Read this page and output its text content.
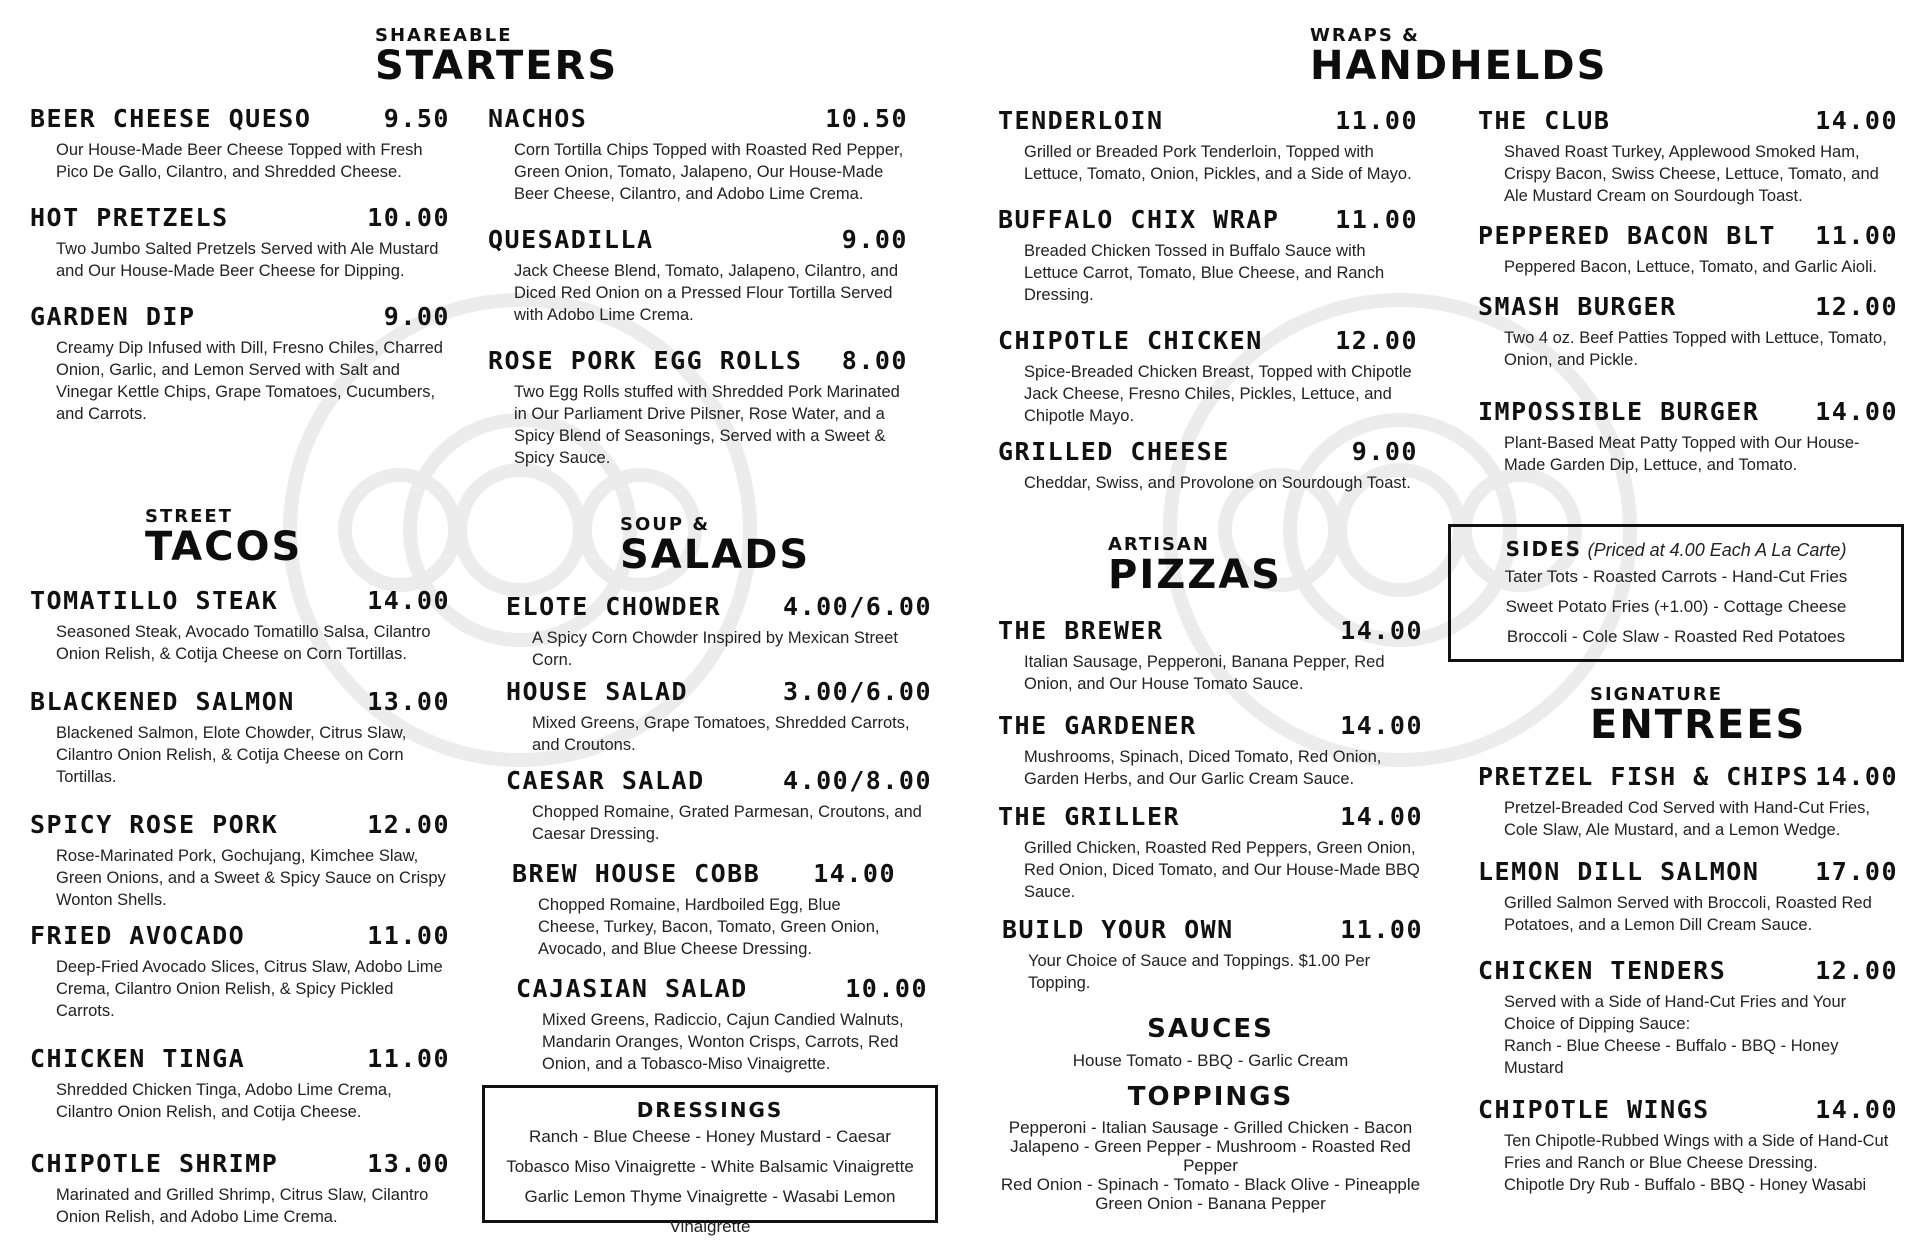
SHAREABLE
STARTERS
BEER CHEESE QUESO	9.50
Our House-Made Beer Cheese Topped with Fresh Pico De Gallo, Cilantro, and Shredded Cheese.
HOT PRETZELS	10.00
Two Jumbo Salted Pretzels Served with Ale Mustard and Our House-Made Beer Cheese for Dipping.
GARDEN DIP	9.00
Creamy Dip Infused with Dill, Fresno Chiles, Charred Onion, Garlic, and Lemon Served with Salt and Vinegar Kettle Chips, Grape Tomatoes, Cucumbers, and Carrots.
NACHOS	10.50
Corn Tortilla Chips Topped with Roasted Red Pepper, Green Onion, Tomato, Jalapeno, Our House-Made Beer Cheese, Cilantro, and Adobo Lime Crema.
QUESADILLA	9.00
Jack Cheese Blend, Tomato, Jalapeno, Cilantro, and Diced Red Onion on a Pressed Flour Tortilla Served with Adobo Lime Crema.
ROSE PORK EGG ROLLS 8.00
Two Egg Rolls stuffed with Shredded Pork Marinated in Our Parliament Drive Pilsner, Rose Water, and a Spicy Blend of Seasonings, Served with a Sweet & Spicy Sauce.
STREET
TACOS
TOMATILLO STEAK	14.00
Seasoned Steak, Avocado Tomatillo Salsa, Cilantro Onion Relish, & Cotija Cheese on Corn Tortillas.
BLACKENED SALMON	13.00
Blackened Salmon, Elote Chowder, Citrus Slaw, Cilantro Onion Relish, & Cotija Cheese on Corn Tortillas.
SPICY ROSE PORK	12.00
Rose-Marinated Pork, Gochujang, Kimchee Slaw, Green Onions, and a Sweet & Spicy Sauce on Crispy Wonton Shells.
FRIED AVOCADO	11.00
Deep-Fried Avocado Slices, Citrus Slaw, Adobo Lime Crema, Cilantro Onion Relish, & Spicy Pickled Carrots.
CHICKEN TINGA	11.00
Shredded Chicken Tinga, Adobo Lime Crema, Cilantro Onion Relish, and Cotija Cheese.
CHIPOTLE SHRIMP	13.00
Marinated and Grilled Shrimp, Citrus Slaw, Cilantro Onion Relish, and Adobo Lime Crema.
SOUP &
SALADS
ELOTE CHOWDER 4.00/6.00
A Spicy Corn Chowder Inspired by Mexican Street Corn.
HOUSE SALAD	3.00/6.00
Mixed Greens, Grape Tomatoes, Shredded Carrots, and Croutons.
CAESAR SALAD	4.00/8.00
Chopped Romaine, Grated Parmesan, Croutons, and Caesar Dressing.
BREW HOUSE COBB 14.00
Chopped Romaine, Hardboiled Egg, Blue Cheese, Turkey, Bacon, Tomato, Green Onion, Avocado, and Blue Cheese Dressing.
CAJASIAN SALAD	10.00
Mixed Greens, Radiccio, Cajun Candied Walnuts, Mandarin Oranges, Wonton Crisps, Carrots, Red Onion, and a Tobasco-Miso Vinaigrette.
DRESSINGS
Ranch - Blue Cheese - Honey Mustard - Caesar
Tobasco Miso Vinaigrette - White Balsamic Vinaigrette
Garlic Lemon Thyme Vinaigrette - Wasabi Lemon Vinaigrette
WRAPS &
HANDHELDS
TENDERLOIN	11.00
Grilled or Breaded Pork Tenderloin, Topped with Lettuce, Tomato, Onion, Pickles, and a Side of Mayo.
BUFFALO CHIX WRAP 11.00
Breaded Chicken Tossed in Buffalo Sauce with Lettuce Carrot, Tomato, Blue Cheese, and Ranch Dressing.
CHIPOTLE CHICKEN	12.00
Spice-Breaded Chicken Breast, Topped with Chipotle Jack Cheese, Fresno Chiles, Pickles, Lettuce, and Chipotle Mayo.
GRILLED CHEESE	9.00
Cheddar, Swiss, and Provolone on Sourdough Toast.
THE CLUB	14.00
Shaved Roast Turkey, Applewood Smoked Ham, Crispy Bacon, Swiss Cheese, Lettuce, Tomato, and Ale Mustard Cream on Sourdough Toast.
PEPPERED BACON BLT 11.00
Peppered Bacon, Lettuce, Tomato, and Garlic Aioli.
SMASH BURGER	12.00
Two 4 oz. Beef Patties Topped with Lettuce, Tomato, Onion, and Pickle.
IMPOSSIBLE BURGER 14.00
Plant-Based Meat Patty Topped with Our House-Made Garden Dip, Lettuce, and Tomato.
SIDES (Priced at 4.00 Each A La Carte)
Tater Tots - Roasted Carrots - Hand-Cut Fries
Sweet Potato Fries (+1.00) - Cottage Cheese
Broccoli - Cole Slaw - Roasted Red Potatoes
ARTISAN
PIZZAS
THE BREWER	14.00
Italian Sausage, Pepperoni, Banana Pepper, Red Onion, and Our House Tomato Sauce.
THE GARDENER	14.00
Mushrooms, Spinach, Diced Tomato, Red Onion, Garden Herbs, and Our Garlic Cream Sauce.
THE GRILLER	14.00
Grilled Chicken, Roasted Red Peppers, Green Onion, Red Onion, Diced Tomato, and Our House-Made BBQ Sauce.
BUILD YOUR OWN	11.00
Your Choice of Sauce and Toppings. $1.00 Per Topping.
SAUCES
House Tomato - BBQ - Garlic Cream
TOPPINGS
Pepperoni - Italian Sausage - Grilled Chicken - Bacon
Jalapeno - Green Pepper - Mushroom - Roasted Red Pepper
Red Onion - Spinach - Tomato - Black Olive - Pineapple
Green Onion - Banana Pepper
SIGNATURE
ENTREES
PRETZEL FISH & CHIPS 14.00
Pretzel-Breaded Cod Served with Hand-Cut Fries, Cole Slaw, Ale Mustard, and a Lemon Wedge.
LEMON DILL SALMON 17.00
Grilled Salmon Served with Broccoli, Roasted Red Potatoes, and a Lemon Dill Cream Sauce.
CHICKEN TENDERS	12.00
Served with a Side of Hand-Cut Fries and Your Choice of Dipping Sauce:
Ranch - Blue Cheese - Buffalo - BBQ - Honey Mustard
CHIPOTLE WINGS	14.00
Ten Chipotle-Rubbed Wings with a Side of Hand-Cut Fries and Ranch or Blue Cheese Dressing.
Chipotle Dry Rub - Buffalo - BBQ - Honey Wasabi
